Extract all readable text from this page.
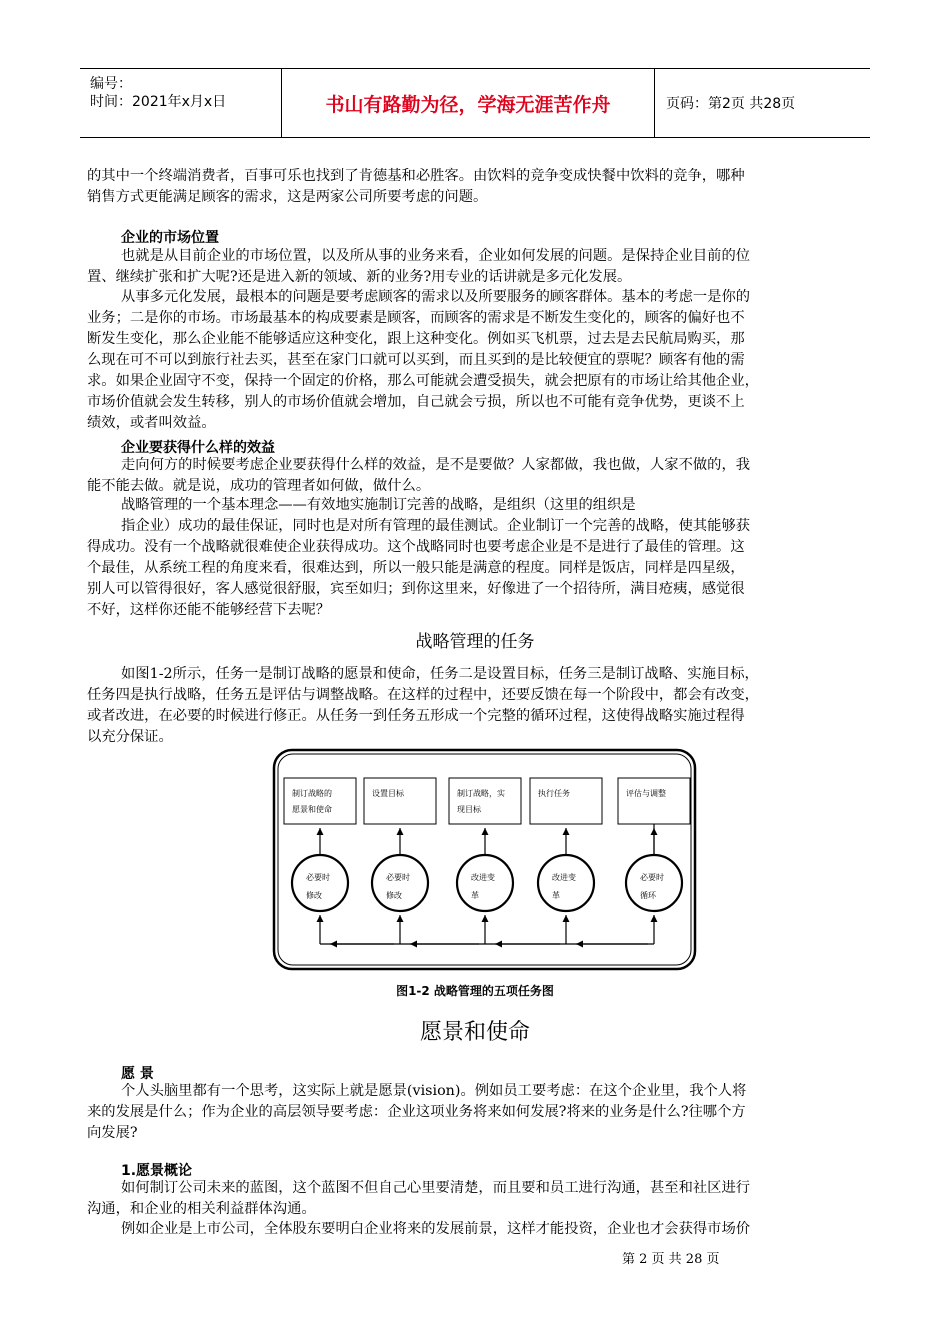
编号：
时间：2021年x月x日	书山有路勤为径，学海无涯苦作舟	页码：第2页 共28页

的其中一个终端消费者，百事可乐也找到了肯德基和必胜客。由饮料的竞争变成快餐中饮料的竞争，哪种

销售方式更能满足顾客的需求，这是两家公司所要考虑的问题。

企业的市场位置

也就是从目前企业的市场位置，以及所从事的业务来看，企业如何发展的问题。是保持企业目前的位

置、继续扩张和扩大呢?还是进入新的领域、新的业务?用专业的话讲就是多元化发展。

从事多元化发展，最根本的问题是要考虑顾客的需求以及所要服务的顾客群体。基本的考虑一是你的

业务；二是你的市场。市场最基本的构成要素是顾客，而顾客的需求是不断发生变化的，顾客的偏好也不

断发生变化，那么企业能不能够适应这种变化，跟上这种变化。例如买飞机票，过去是去民航局购买，那

么现在可不可以到旅行社去买，甚至在家门口就可以买到，而且买到的是比较便宜的票呢？顾客有他的需

求。如果企业固守不变，保持一个固定的价格，那么可能就会遭受损失，就会把原有的市场让给其他企业，

市场价值就会发生转移，别人的市场价值就会增加，自己就会亏损，所以也不可能有竞争优势，更谈不上

绩效，或者叫效益。

企业要获得什么样的效益

走向何方的时候要考虑企业要获得什么样的效益，是不是要做？人家都做，我也做，人家不做的，我

能不能去做。就是说，成功的管理者如何做，做什么。

战略管理的一个基本理念——有效地实施制订完善的战略，是组织（这里的组织是

指企业）成功的最佳保证，同时也是对所有管理的最佳测试。企业制订一个完善的战略，使其能够获

得成功。没有一个战略就很难使企业获得成功。这个战略同时也要考虑企业是不是进行了最佳的管理。这

个最佳，从系统工程的角度来看，很难达到，所以一般只能是满意的程度。同样是饭店，同样是四星级，

别人可以管得很好，客人感觉很舒服，宾至如归；到你这里来，好像进了一个招待所，满目疮痍，感觉很

不好，这样你还能不能够经营下去呢？

战略管理的任务

如图1-2所示，任务一是制订战略的愿景和使命，任务二是设置目标，任务三是制订战略、实施目标，

任务四是执行战略，任务五是评估与调整战略。在这样的过程中，还要反馈在每一个阶段中，都会有改变，

或者改进，在必要的时候进行修正。从任务一到任务五形成一个完整的循环过程，这使得战略实施过程得

以充分保证。

制订战略的
愿景和使命
设置目标	制订战略，实
现目标
执行任务	评估与调整
必要时
修改
必要时
修改
改进变
革
改进变
革
必要时
循环
图1-2 战略管理的五项任务图
愿景和使命
愿 景

个人头脑里都有一个思考，这实际上就是愿景(vision)。例如员工要考虑：在这个企业里，我个人将

来的发展是什么；作为企业的高层领导要考虑：企业这项业务将来如何发展?将来的业务是什么?往哪个方

向发展?

1.愿景概论

如何制订公司未来的蓝图，这个蓝图不但自己心里要清楚，而且要和员工进行沟通，甚至和社区进行

沟通，和企业的相关利益群体沟通。

例如企业是上市公司，全体股东要明白企业将来的发展前景，这样才能投资，企业也才会获得市场价

第 2 页 共 28 页
